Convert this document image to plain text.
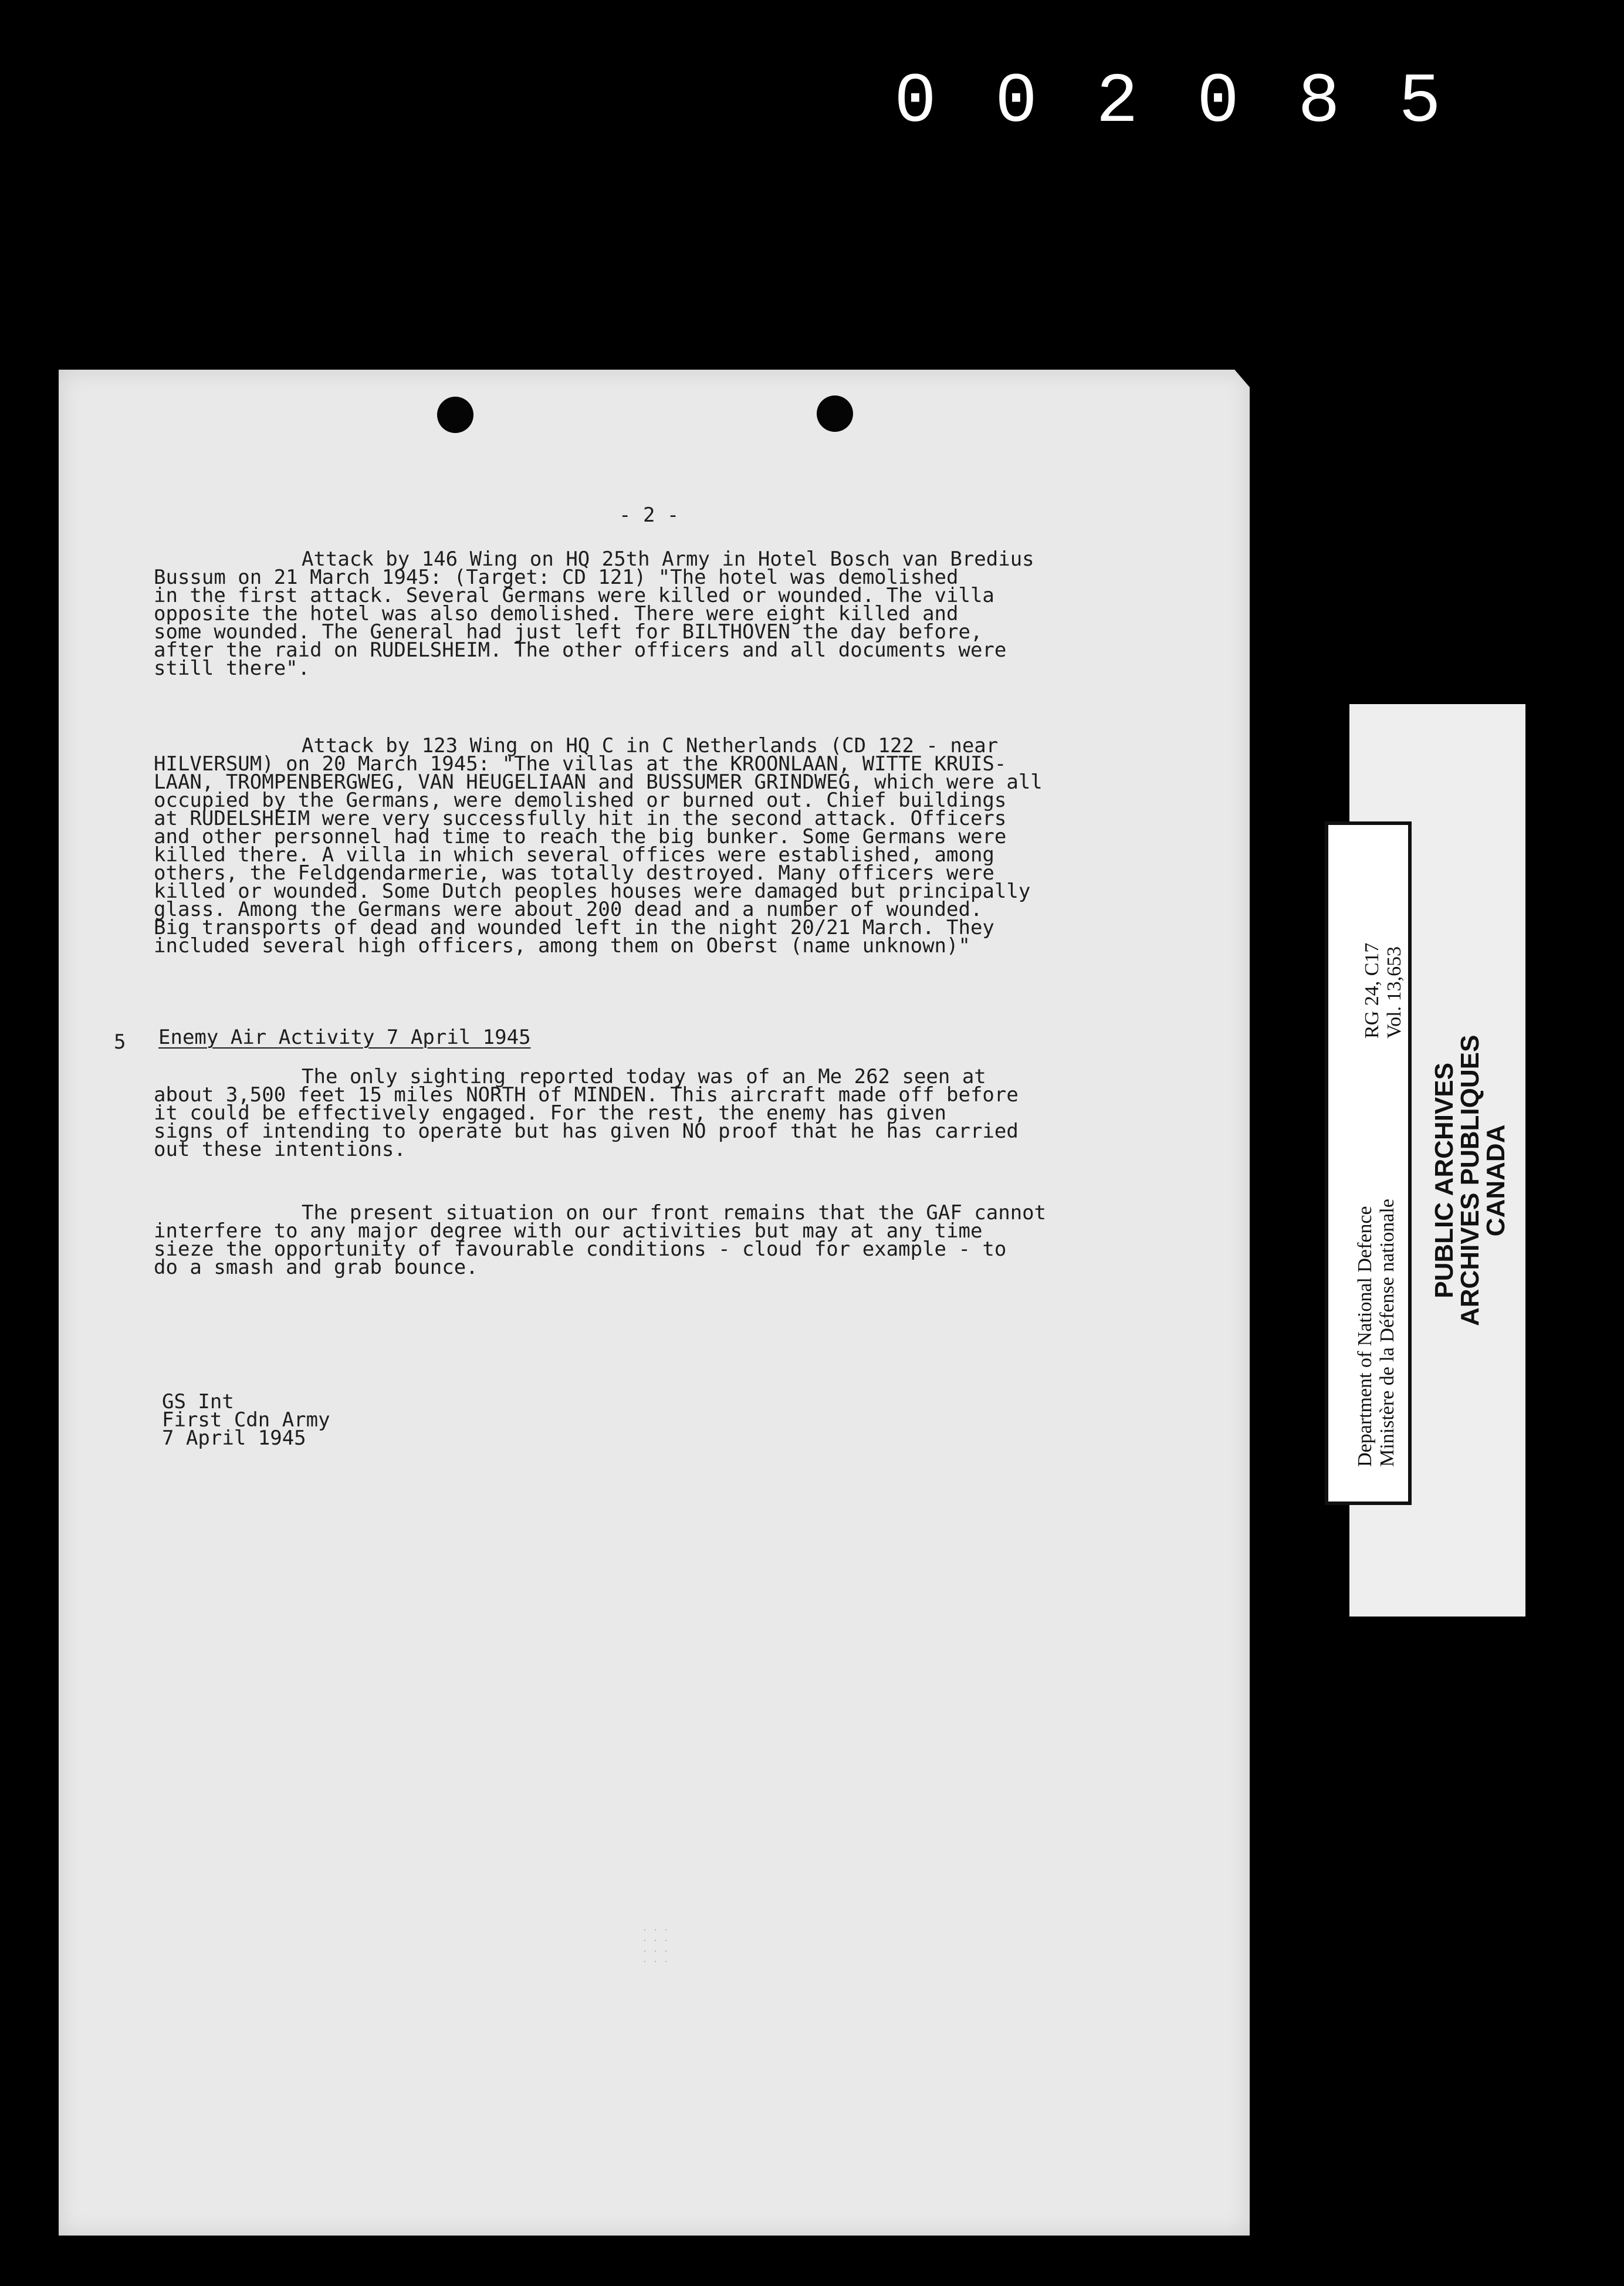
0 0 2 0 8 5
- 2 -
Attack by 146 Wing on HQ 25th Army in Hotel Bosch van Bredius
Bussum on 21 March 1945: (Target: CD 121) "The hotel was demolished
in the first attack. Several Germans were killed or wounded. The villa
opposite the hotel was also demolished. There were eight killed and
some wounded. The General had just left for BILTHOVEN the day before,
after the raid on RUDELSHEIM. The other officers and all documents were
still there".
Attack by 123 Wing on HQ C in C Netherlands (CD 122 - near
HILVERSUM) on 20 March 1945: "The villas at the KROONLAAN, WITTE KRUIS-
LAAN, TROMPENBERGWEG, VAN HEUGELIAAN and BUSSUMER GRINDWEG, which were all
occupied by the Germans, were demolished or burned out. Chief buildings
at RUDELSHEIM were very successfully hit in the second attack. Officers
and other personnel had time to reach the big bunker. Some Germans were
killed there. A villa in which several offices were established, among
others, the Feldgendarmerie, was totally destroyed. Many officers were
killed or wounded. Some Dutch peoples houses were damaged but principally
glass. Among the Germans were about 200 dead and a number of wounded.
Big transports of dead and wounded left in the night 20/21 March. They
included several high officers, among them on Oberst (name unknown)"
5 Enemy Air Activity 7 April 1945
The only sighting reported today was of an Me 262 seen at
about 3,500 feet 15 miles NORTH of MINDEN. This aircraft made off before
it could be effectively engaged. For the rest, the enemy has given
signs of intending to operate but has given NO proof that he has carried
out these intentions.
The present situation on our front remains that the GAF cannot
interfere to any major degree with our activities but may at any time
sieze the opportunity of favourable conditions - cloud for example - to
do a smash and grab bounce.
GS Int
First Cdn Army
7 April 1945	Department of National Defence Ministère de la Défense nationale
RG 24, C17 Vol. 13,653
PUBLIC ARCHIVES
ARCHIVES PUBLIQUES
CANADA
